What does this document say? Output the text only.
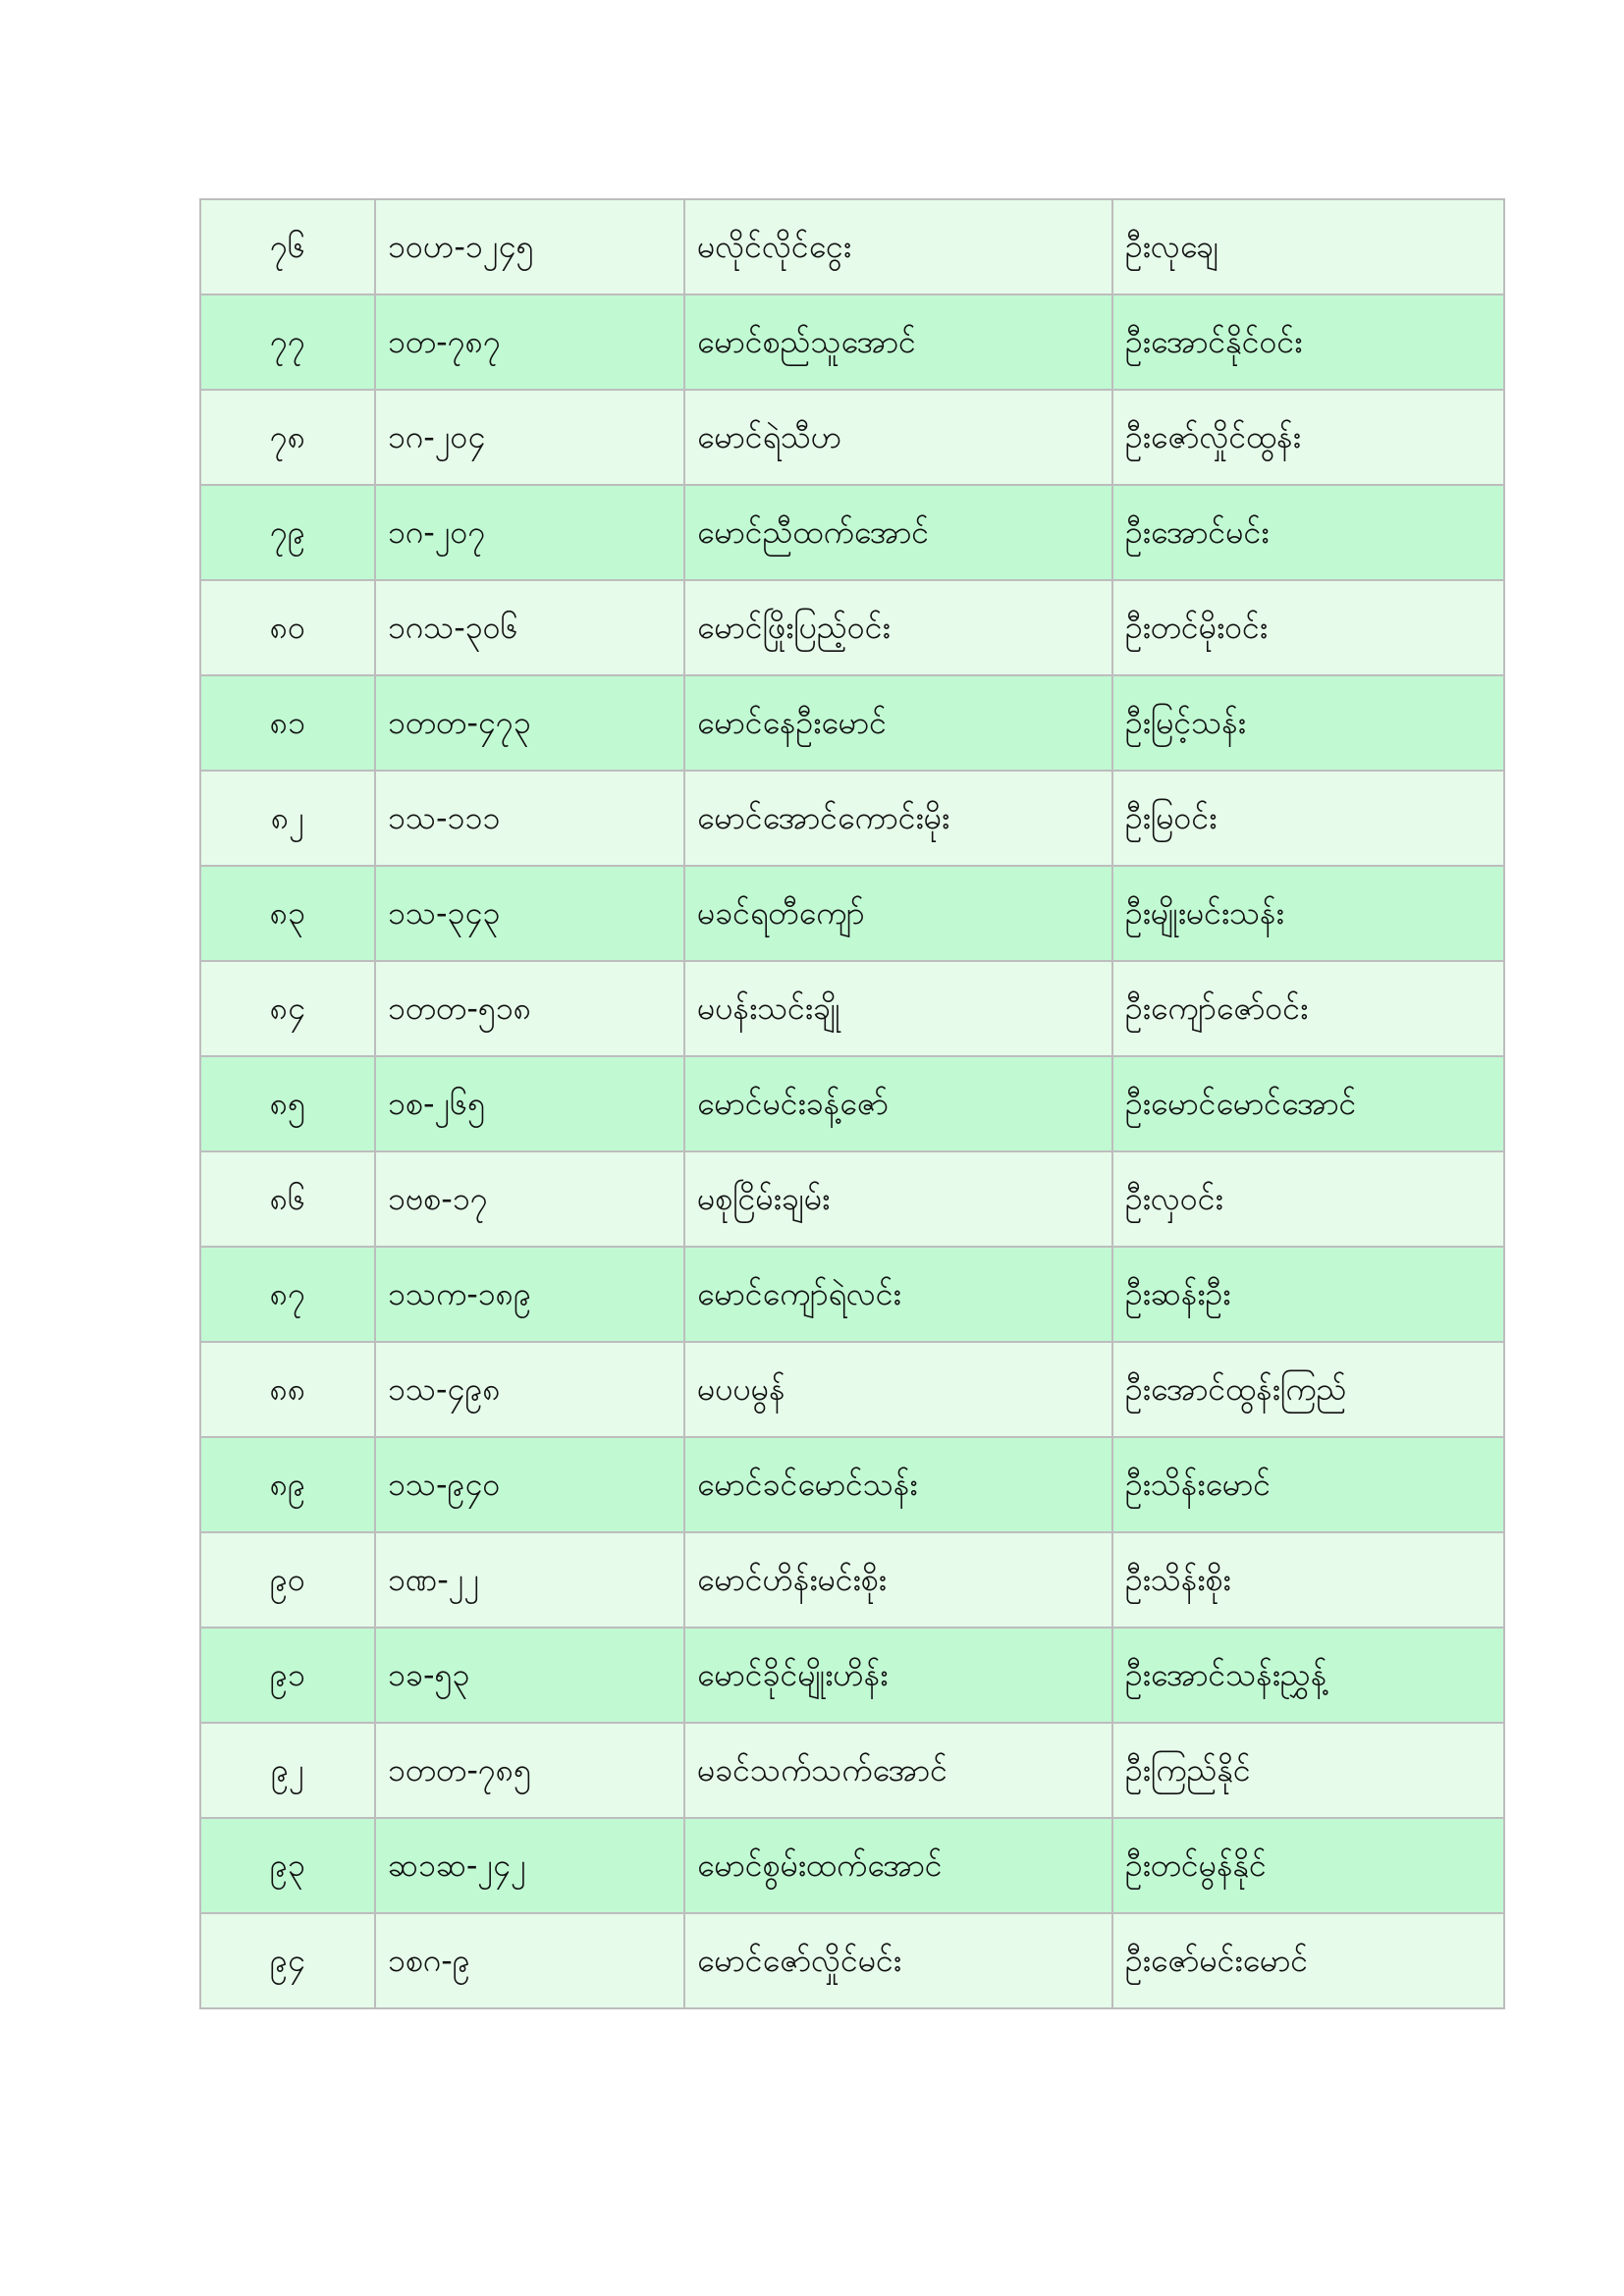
၇၆	၁၀ဟ-၁၂၄၅	မလိုင်လိုင်ငွေး	ဦးလုချေ
၇၇	၁တ-၇၈၇	မောင်စည်သူအောင်	ဦးအောင်နိုင်ဝင်း
၇၈	၁ဂ-၂၀၄	မောင်ရဲသီဟ	ဦးဇော်လှိုင်ထွန်း
၇၉	၁ဂ-၂၀၇	မောင်ညီထက်အောင်	ဦးအောင်မင်း
၈၀	၁ဂသ-၃၀၆	မောင်ဖြိုးပြည့်ဝင်း	ဦးတင်မိုးဝင်း
၈၁	၁တတ-၄၇၃	မောင်နေဦးမောင်	ဦးမြင့်သန်း
၈၂	၁သ-၁၁၁	မောင်အောင်ကောင်းမိုး	ဦးမြဝင်း
၈၃	၁သ-၃၄၃	မခင်ရတီကျော်	ဦးမျိုးမင်းသန်း
၈၄	၁တတ-၅၁၈	မပန်းသင်းချို	ဦးကျော်ဇော်ဝင်း
၈၅	၁စ-၂၆၅	မောင်မင်းခန့်ဇော်	ဦးမောင်မောင်အောင်
၈၆	၁ဗစ-၁၇	မစုငြိမ်းချမ်း	ဦးလှဝင်း
၈၇	၁သက-၁၈၉	မောင်ကျော်ရဲလင်း	ဦးဆန်းဦး
၈၈	၁သ-၄၉၈	မပပမွန်	ဦးအောင်ထွန်းကြည်
၈၉	၁သ-၉၄၀	မောင်ခင်မောင်သန်း	ဦးသိန်းမောင်
၉၀	၁ဏ-၂၂	မောင်ဟိန်းမင်းစိုး	ဦးသိန်းစိုး
၉၁	၁ခ-၅၃	မောင်ခိုင်မျိုးဟိန်း	ဦးအောင်သန်းညွှန့်
၉၂	၁တတ-၇၈၅	မခင်သက်သက်အောင်	ဦးကြည်နိုင်
၉၃	ဆ၁ဆ-၂၄၂	မောင်စွမ်းထက်အောင်	ဦးတင်မွန်နိုင်
၉၄	၁စဂ-၉	မောင်ဇော်လှိုင်မင်း	ဦးဇော်မင်းမောင်
